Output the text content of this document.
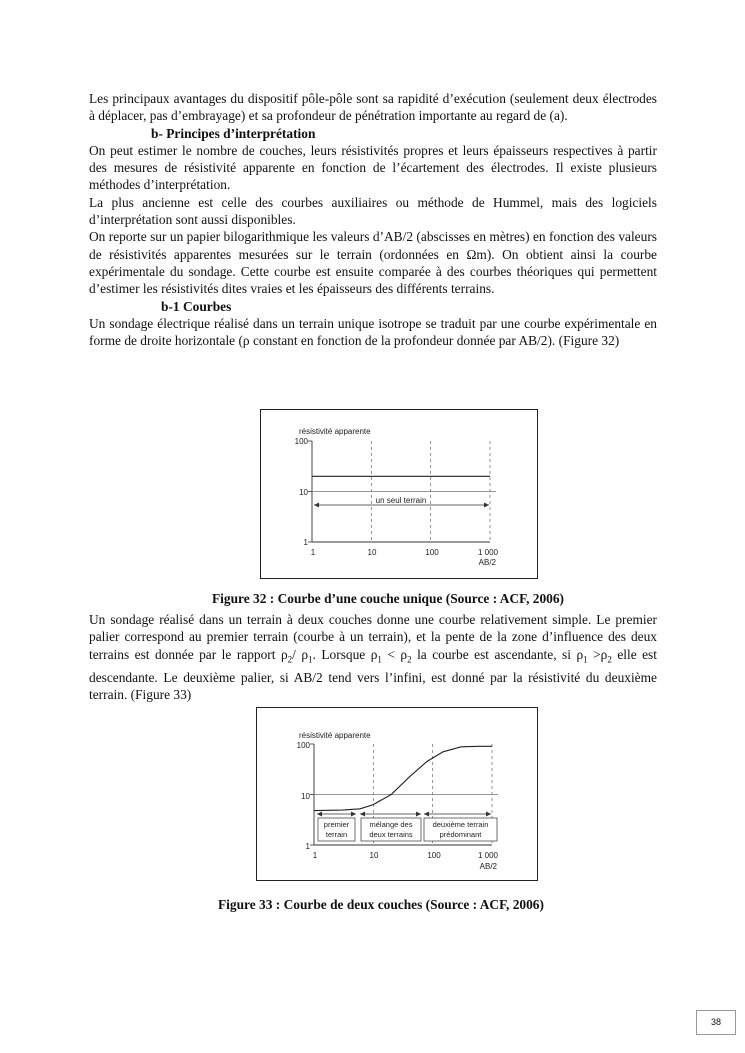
Les principaux avantages du dispositif pôle-pôle sont sa rapidité d’exécution (seulement deux électrodes à déplacer, pas d’embrayage) et sa profondeur de pénétration importante au regard de (a).

b- Principes d’interprétation

On peut estimer le nombre de couches, leurs résistivités propres et leurs épaisseurs respectives à partir des mesures de résistivité apparente en fonction de l’écartement des électrodes. Il existe plusieurs méthodes d’interprétation.

La plus ancienne est celle des courbes auxiliaires ou méthode de Hummel, mais des logiciels d’interprétation sont aussi disponibles.

On reporte sur un papier bilogarithmique les valeurs d’AB/2 (abscisses en mètres) en fonction des valeurs de résistivités apparentes mesurées sur le terrain (ordonnées en Ωm). On obtient ainsi la courbe expérimentale du sondage. Cette courbe est ensuite comparée à des courbes théoriques qui permettent d’estimer les résistivités dites vraies et les épaisseurs des différents terrains.

b-1 Courbes

Un sondage électrique réalisé dans un terrain unique isotrope se traduit par une courbe expérimentale en forme de droite horizontale (ρ constant en fonction de la profondeur donnée par AB/2). (Figure 32)

résistivité apparente
100
10
1
1	10	100	1 000
AB/2
un seul terrain
Figure 32 : Courbe d’une couche unique (Source : ACF, 2006)

Un sondage réalisé dans un terrain à deux couches donne une courbe relativement simple. Le premier palier correspond au premier terrain (courbe à un terrain), et la pente de la zone d’influence des deux terrains est donnée par le rapport $\rho_2/$ $\rho_1$. Lorsque $\rho_1 < \rho_2$ la courbe est ascendante, si $\rho_1 >\rho_2$ elle est descendante. Le deuxième palier, si AB/2 tend vers l’infini, est donné par la résistivité du deuxième terrain. (Figure 33)

résistivité apparente
100
10
1
1	10	100	1 000
AB/2
premier
terrain
mélange des
deux terrains
deuxième terrain
prédominant
Figure 33 : Courbe de deux couches (Source : ACF, 2006)
38
